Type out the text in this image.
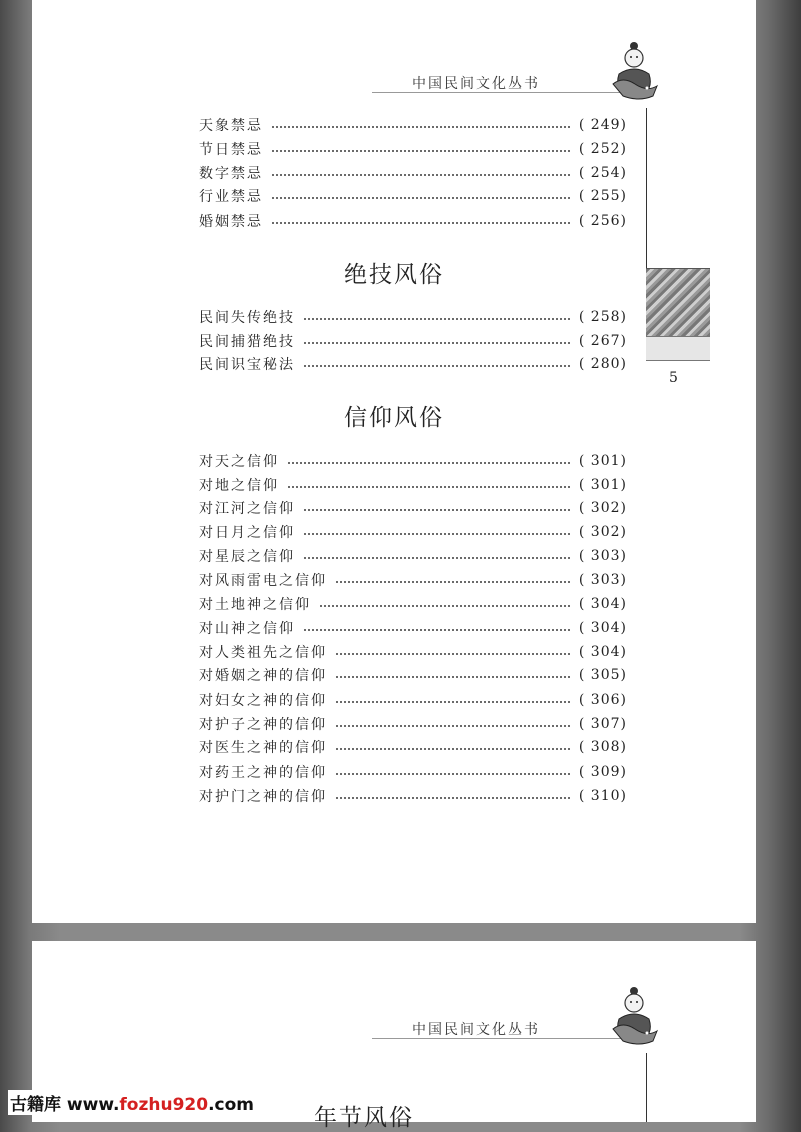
中国民间文化丛书
5
天象禁忌	( 249)
节日禁忌	( 252)
数字禁忌	( 254)
行业禁忌	( 255)
婚姻禁忌	( 256)
绝技风俗
民间失传绝技	( 258)
民间捕猎绝技	( 267)
民间识宝秘法	( 280)
信仰风俗
对天之信仰	( 301)
对地之信仰	( 301)
对江河之信仰	( 302)
对日月之信仰	( 302)
对星辰之信仰	( 303)
对风雨雷电之信仰	( 303)
对土地神之信仰	( 304)
对山神之信仰	( 304)
对人类祖先之信仰	( 304)
对婚姻之神的信仰	( 305)
对妇女之神的信仰	( 306)
对护子之神的信仰	( 307)
对医生之神的信仰	( 308)
对药王之神的信仰	( 309)
对护门之神的信仰	( 310)
中国民间文化丛书
年节风俗
古籍库 www.fozhu920.com
